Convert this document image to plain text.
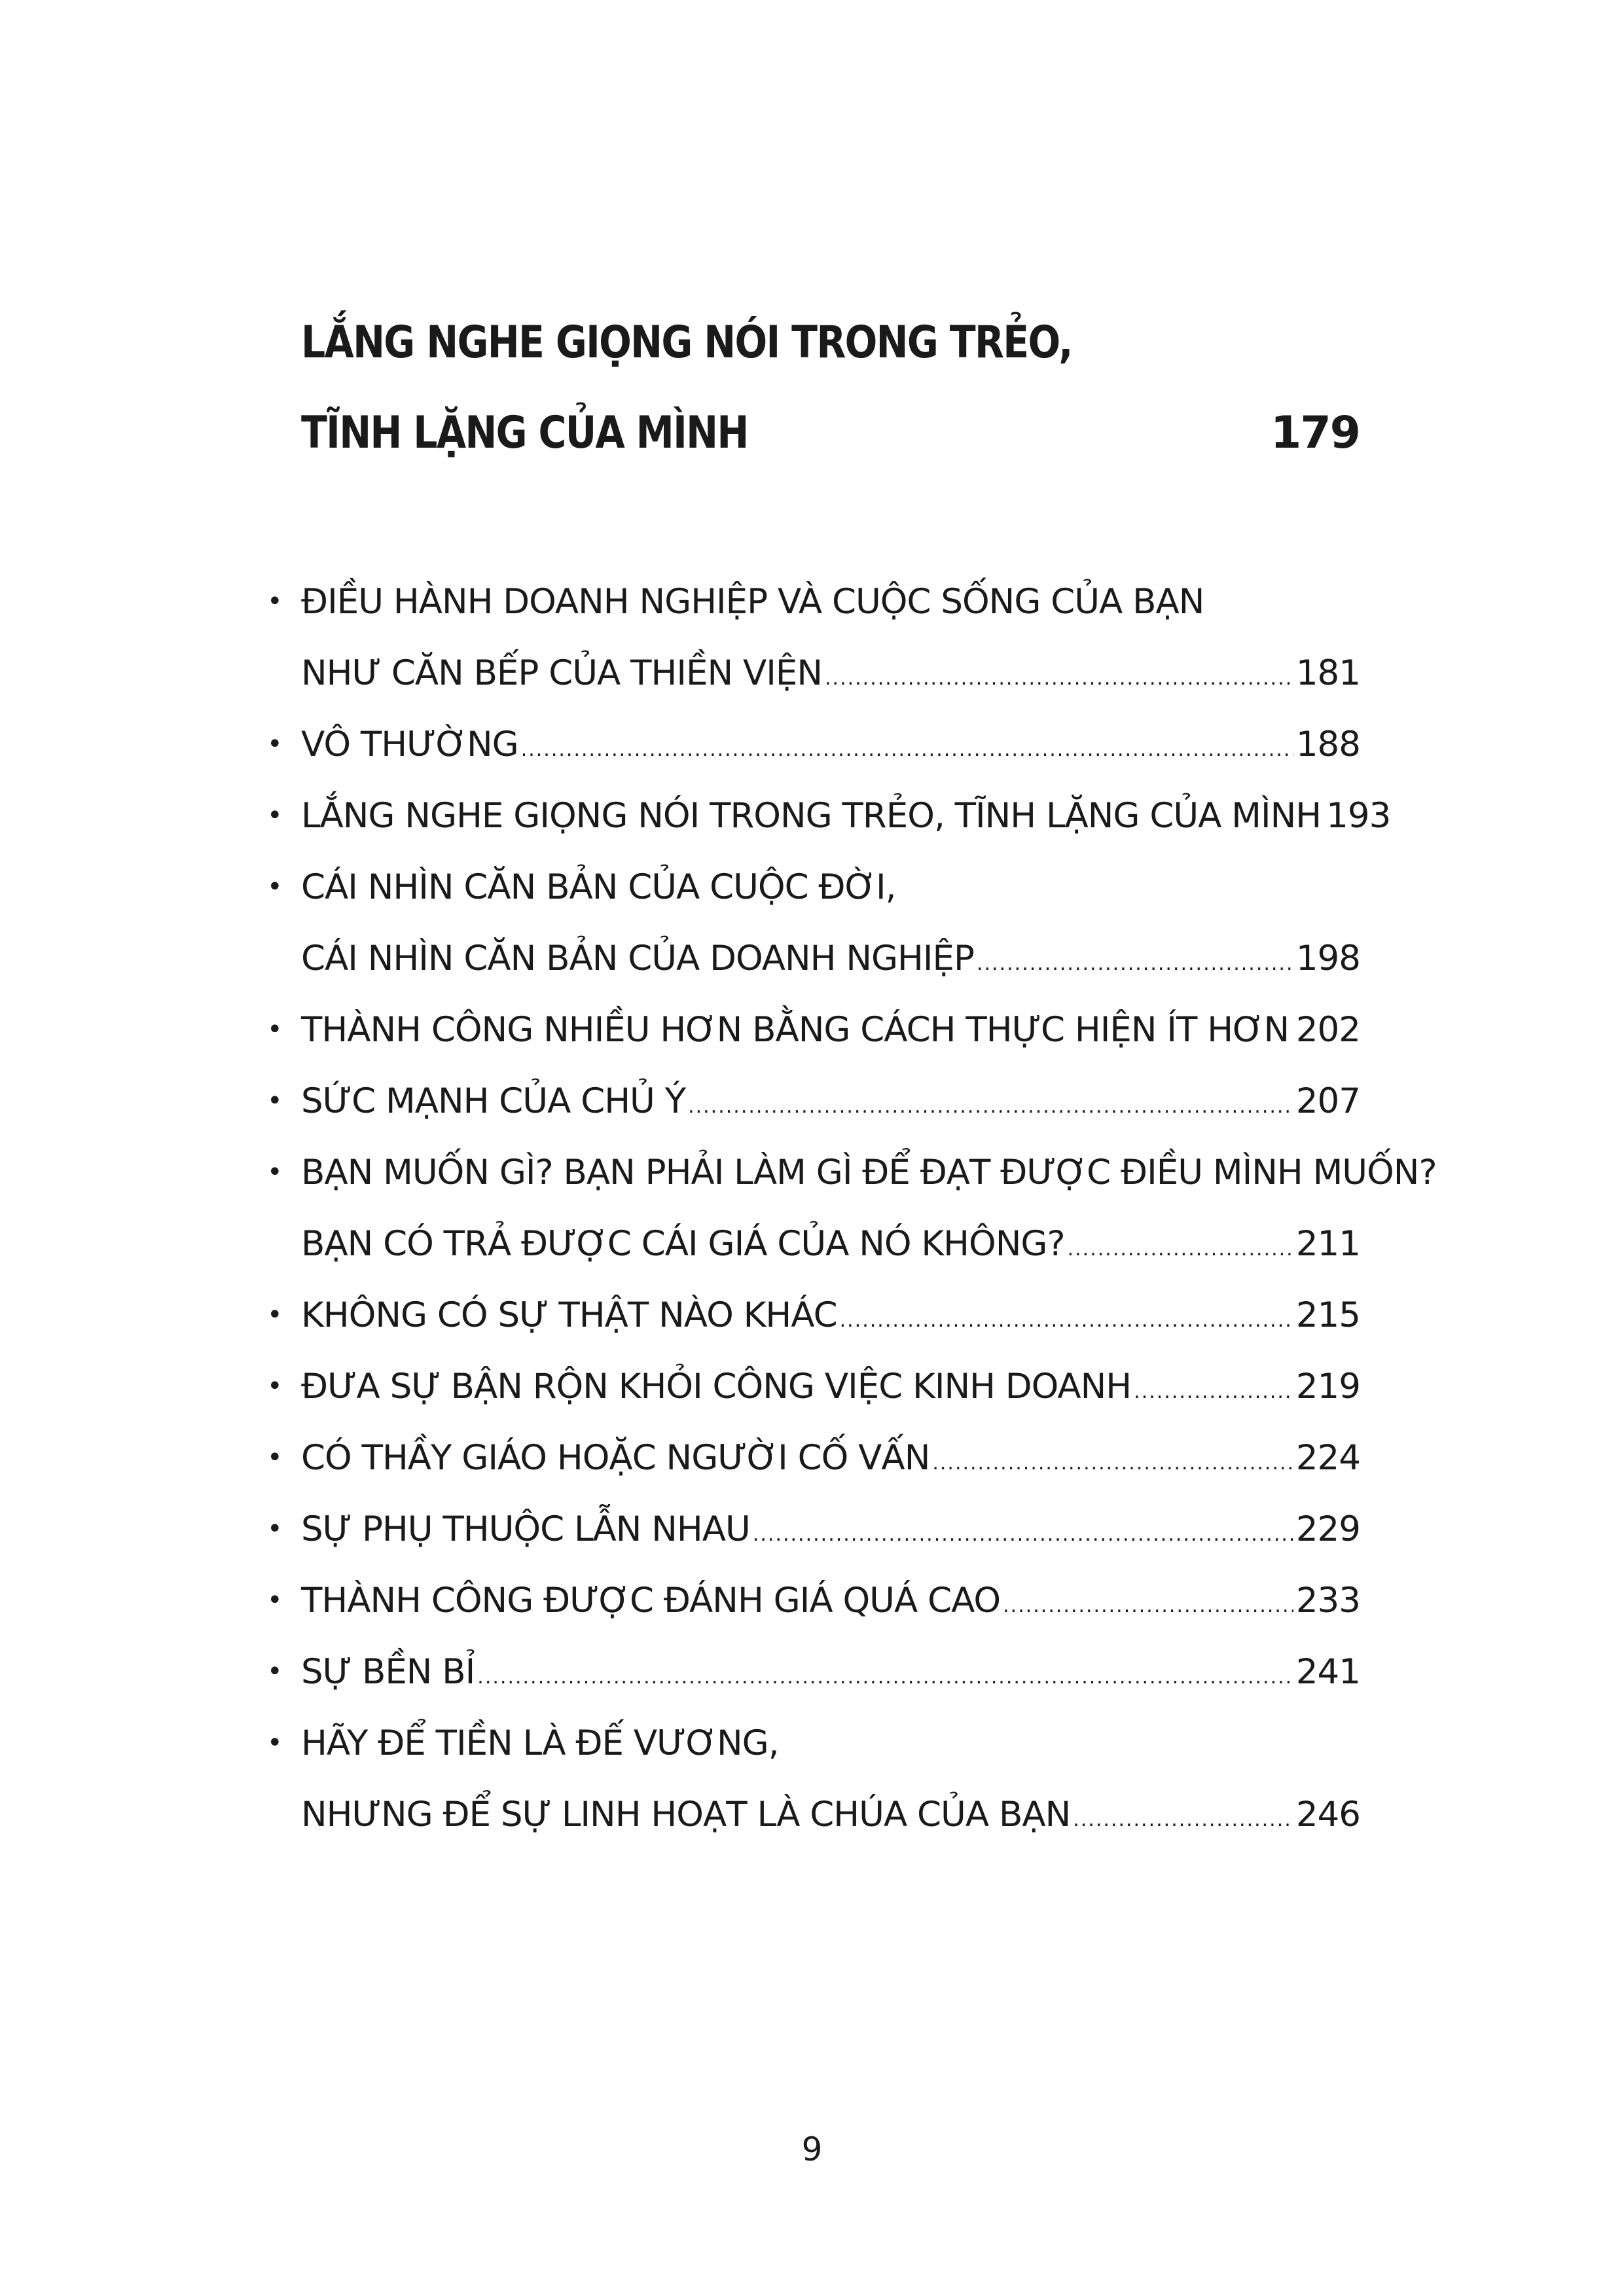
LẮNG NGHE GIỌNG NÓI TRONG TRẺO,
TĨNH LẶNG CỦA MÌNH	179
• ĐIỀU HÀNH DOANH NGHIỆP VÀ CUỘC SỐNG CỦA BẠN
NHƯ CĂN BẾP CỦA THIỀN VIỆN .....	181
• VÔ THƯỜNG .....	188
• LẮNG NGHE GIỌNG NÓI TRONG TRẺO, TĨNH LẶNG CỦA MÌNH 193
• CÁI NHÌN CĂN BẢN CỦA CUỘC ĐỜI,
CÁI NHÌN CĂN BẢN CỦA DOANH NGHIỆP .....	198
• THÀNH CÔNG NHIỀU HƠN BẰNG CÁCH THỰC HIỆN ÍT HƠN ..... 202
• SỨC MẠNH CỦA CHỦ Ý .....	207
• BẠN MUỐN GÌ? BẠN PHẢI LÀM GÌ ĐỂ ĐẠT ĐƯỢC ĐIỀU MÌNH MUỐN?
BẠN CÓ TRẢ ĐƯỢC CÁI GIÁ CỦA NÓ KHÔNG? .....	211
• KHÔNG CÓ SỰ THẬT NÀO KHÁC .....	215
• ĐƯA SỰ BẬN RỘN KHỎI CÔNG VIỆC KINH DOANH .....	219
• CÓ THẦY GIÁO HOẶC NGƯỜI CỐ VẤN .....	224
• SỰ PHỤ THUỘC LẪN NHAU .....	229
• THÀNH CÔNG ĐƯỢC ĐÁNH GIÁ QUÁ CAO .....	233
• SỰ BỀN BỈ .....	241
• HÃY ĐỂ TIỀN LÀ ĐẾ VƯƠNG,
NHƯNG ĐỂ SỰ LINH HOẠT LÀ CHÚA CỦA BẠN .....	246
9
